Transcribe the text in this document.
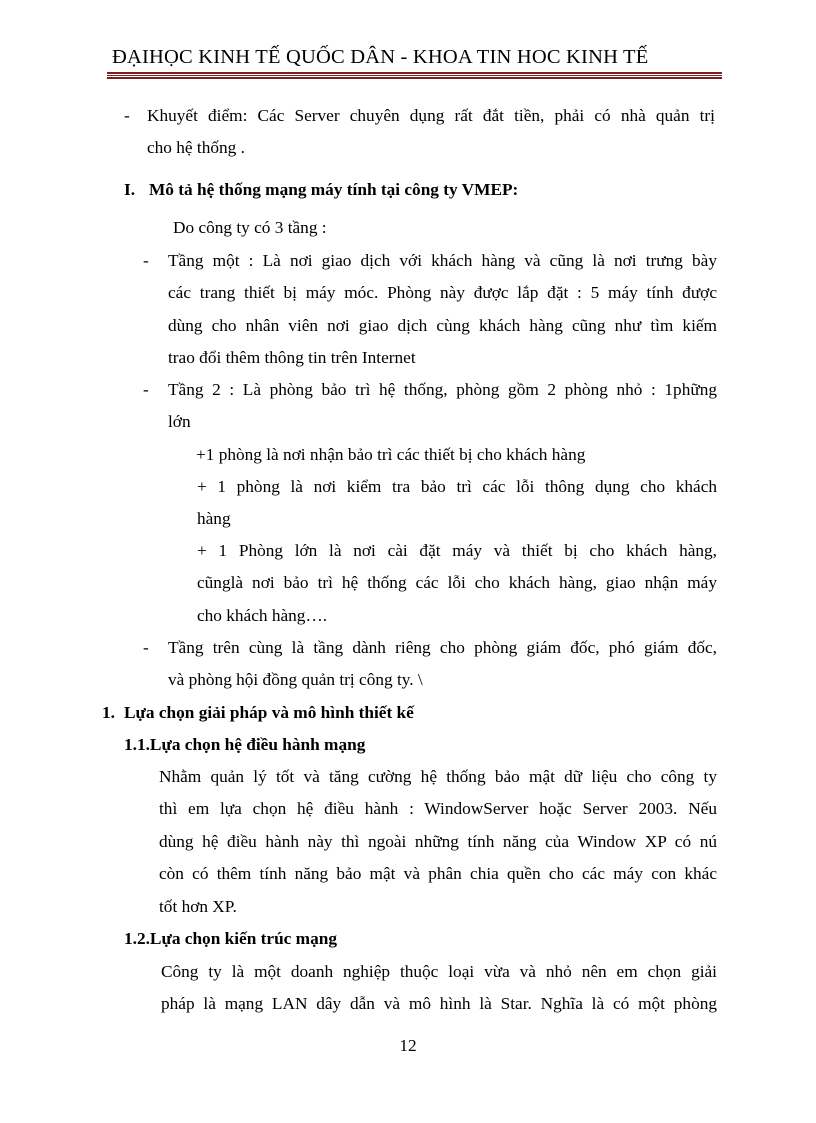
ĐẠIHỌC KINH TẾ QUỐC DÂN - KHOA TIN HOC KINH TẾ
- Khuyết điểm: Các Server chuyên dụng rất đắt tiền, phải có nhà quản trị
cho hệ thống .
I. Mô tả hệ thống mạng máy tính tại công ty VMEP:
Do công ty có 3 tầng :
- Tầng một : Là nơi giao dịch với khách hàng và cũng là nơi trưng bày
các trang thiết bị máy móc. Phòng này được lắp đặt : 5 máy tính được
dùng cho nhân viên nơi giao dịch cùng khách hàng cũng như tìm kiếm
trao đổi thêm thông tin trên Internet
- Tầng 2 : Là phòng bảo trì hệ thống, phòng gồm 2 phòng nhỏ : 1phững
lớn
+1 phòng là nơi nhận bảo trì các thiết bị cho khách hàng
+ 1 phòng là nơi kiểm tra bảo trì các lỗi thông dụng cho khách
hàng
+ 1 Phòng lớn là nơi cài đặt máy và thiết bị cho khách hàng,
cũnglà nơi bảo trì hệ thống các lỗi cho khách hàng, giao nhận máy
cho khách hàng….
- Tầng trên cùng là tầng dành riêng cho phòng giám đốc, phó giám đốc,
và phòng hội đồng quản trị công ty. \
1. Lựa chọn giải pháp và mô hình thiết kế
1.1.Lựa chọn hệ điều hành mạng
Nhằm quản lý tốt và tăng cường hệ thống bảo mật dữ liệu cho công ty
thì em lựa chọn hệ điều hành : WindowServer hoặc Server 2003. Nếu
dùng hệ điều hành này thì ngoài những tính năng của Window XP có nú
còn có thêm tính năng bảo mật và phân chia quền cho các máy con khác
tốt hơn XP.
1.2.Lựa chọn kiến trúc mạng
Công ty là một doanh nghiệp thuộc loại vừa và nhỏ nên em chọn giải
pháp là mạng LAN dây dẫn và mô hình là Star. Nghĩa là có một phòng
12
